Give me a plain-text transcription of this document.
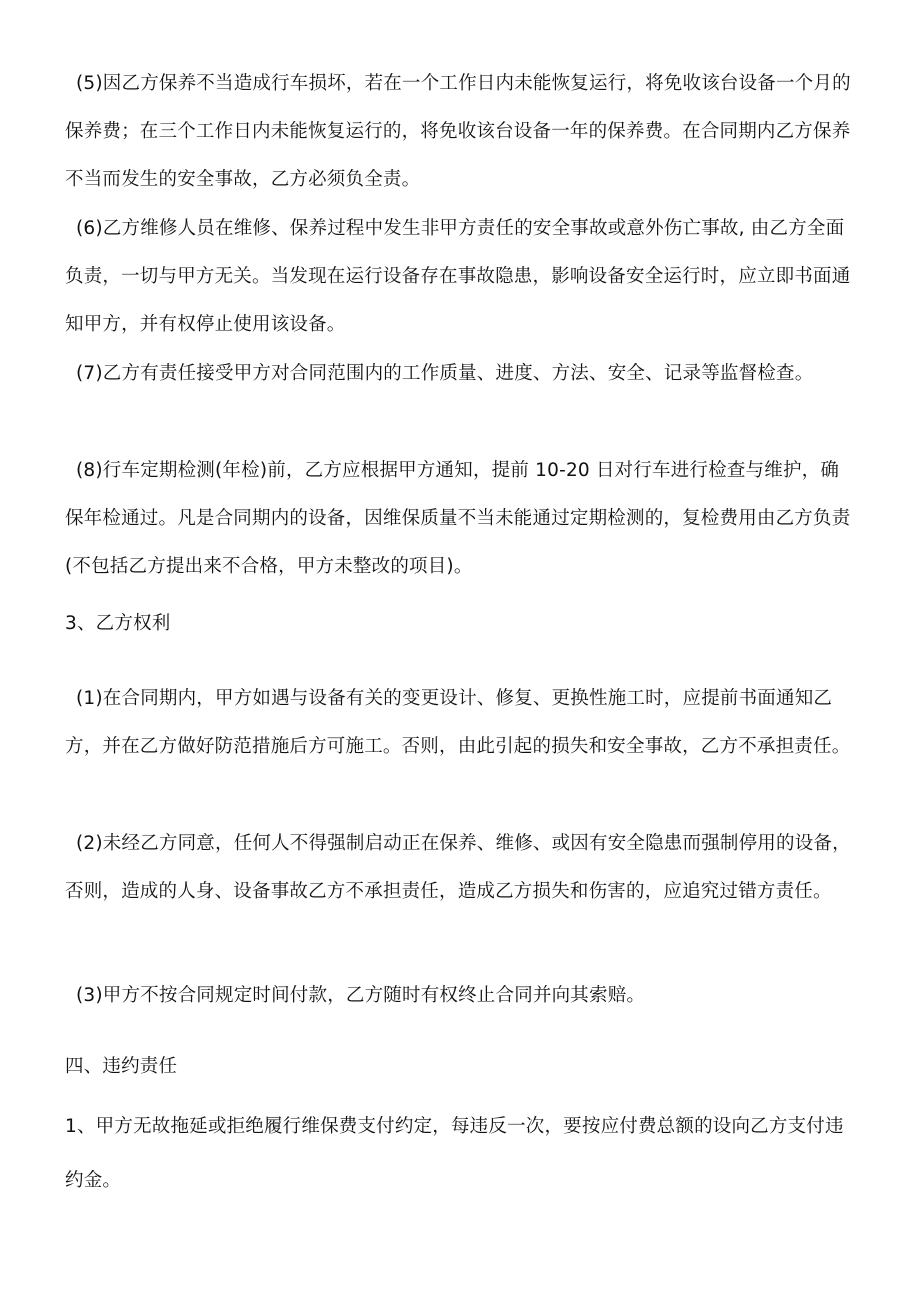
(5)因乙方保养不当造成行车损坏，若在一个工作日内未能恢复运行，将免收该台设备一个月的保养费；在三个工作日内未能恢复运行的，将免收该台设备一年的保养费。在合同期内乙方保养不当而发生的安全事故，乙方必须负全责。

(6)乙方维修人员在维修、保养过程中发生非甲方责任的安全事故或意外伤亡事故, 由乙方全面负责，一切与甲方无关。当发现在运行设备存在事故隐患，影响设备安全运行时，应立即书面通知甲方，并有权停止使用该设备。

(7)乙方有责任接受甲方对合同范围内的工作质量、进度、方法、安全、记录等监督检查。

(8)行车定期检测(年检)前，乙方应根据甲方通知，提前 10-20 日对行车进行检查与维护，确保年检通过。凡是合同期内的设备，因维保质量不当未能通过定期检测的，复检费用由乙方负责(不包括乙方提出来不合格，甲方未整改的项目)。

3、乙方权利

(1)在合同期内，甲方如遇与设备有关的变更设计、修复、更换性施工时，应提前书面通知乙方，并在乙方做好防范措施后方可施工。否则，由此引起的损失和安全事故，乙方不承担责任。

(2)未经乙方同意，任何人不得强制启动正在保养、维修、或因有安全隐患而强制停用的设备，否则，造成的人身、设备事故乙方不承担责任，造成乙方损失和伤害的，应追究过错方责任。

(3)甲方不按合同规定时间付款，乙方随时有权终止合同并向其索赔。

四、违约责任

1、甲方无故拖延或拒绝履行维保费支付约定，每违反一次，要按应付费总额的设向乙方支付违约金。
